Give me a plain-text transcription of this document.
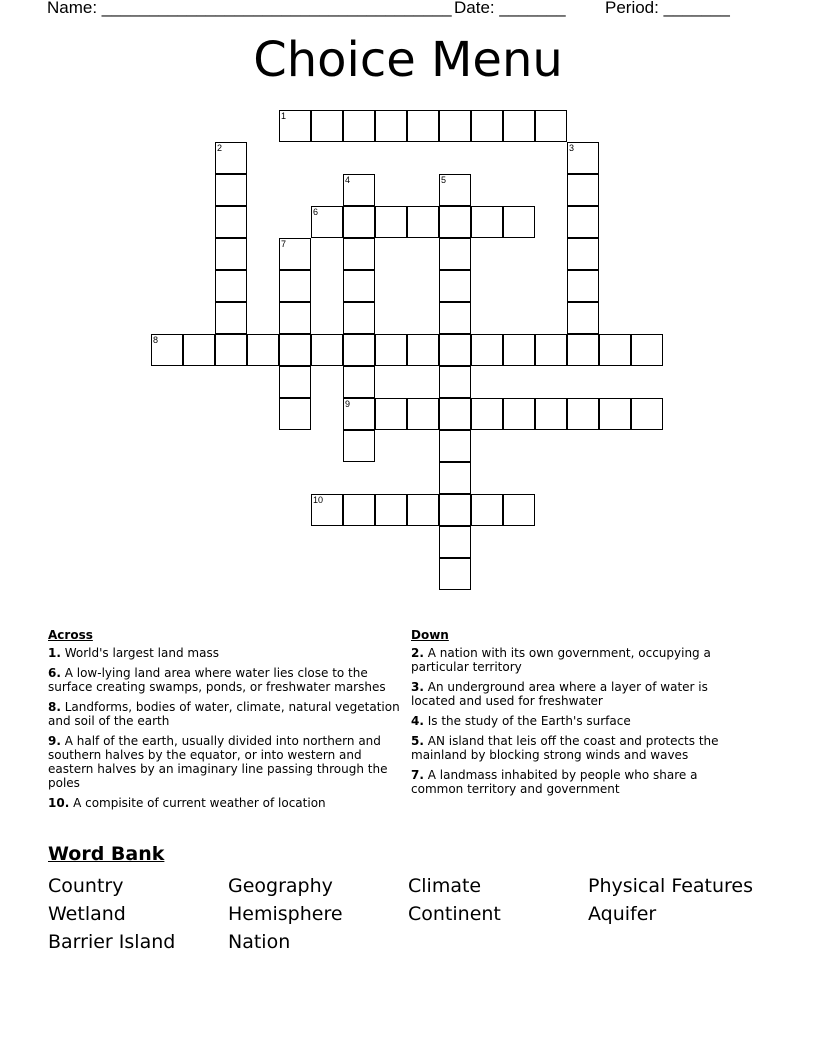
Name: _____________________________________

Date: _______

Period: _______

Choice Menu
1
2	3
4
9
5
6
7
8
10
Across
1. World's largest land mass
6. A low-lying land area where water lies close to the surface creating swamps, ponds, or freshwater marshes
8. Landforms, bodies of water, climate, natural vegetation and soil of the earth
9. A half of the earth, usually divided into northern and southern halves by the equator, or into western and eastern halves by an imaginary line passing through the poles
10. A compisite of current weather of location
Down
2. A nation with its own government, occupying a particular territory
3. An underground area where a layer of water is located and used for freshwater
4. Is the study of the Earth's surface
5. AN island that leis off the coast and protects the mainland by blocking strong winds and waves
7. A landmass inhabited by people who share a common territory and government
Word Bank
Country	Geography	Climate	Physical Features
Wetland	Hemisphere	Continent	Aquifer
Barrier Island	Nation
